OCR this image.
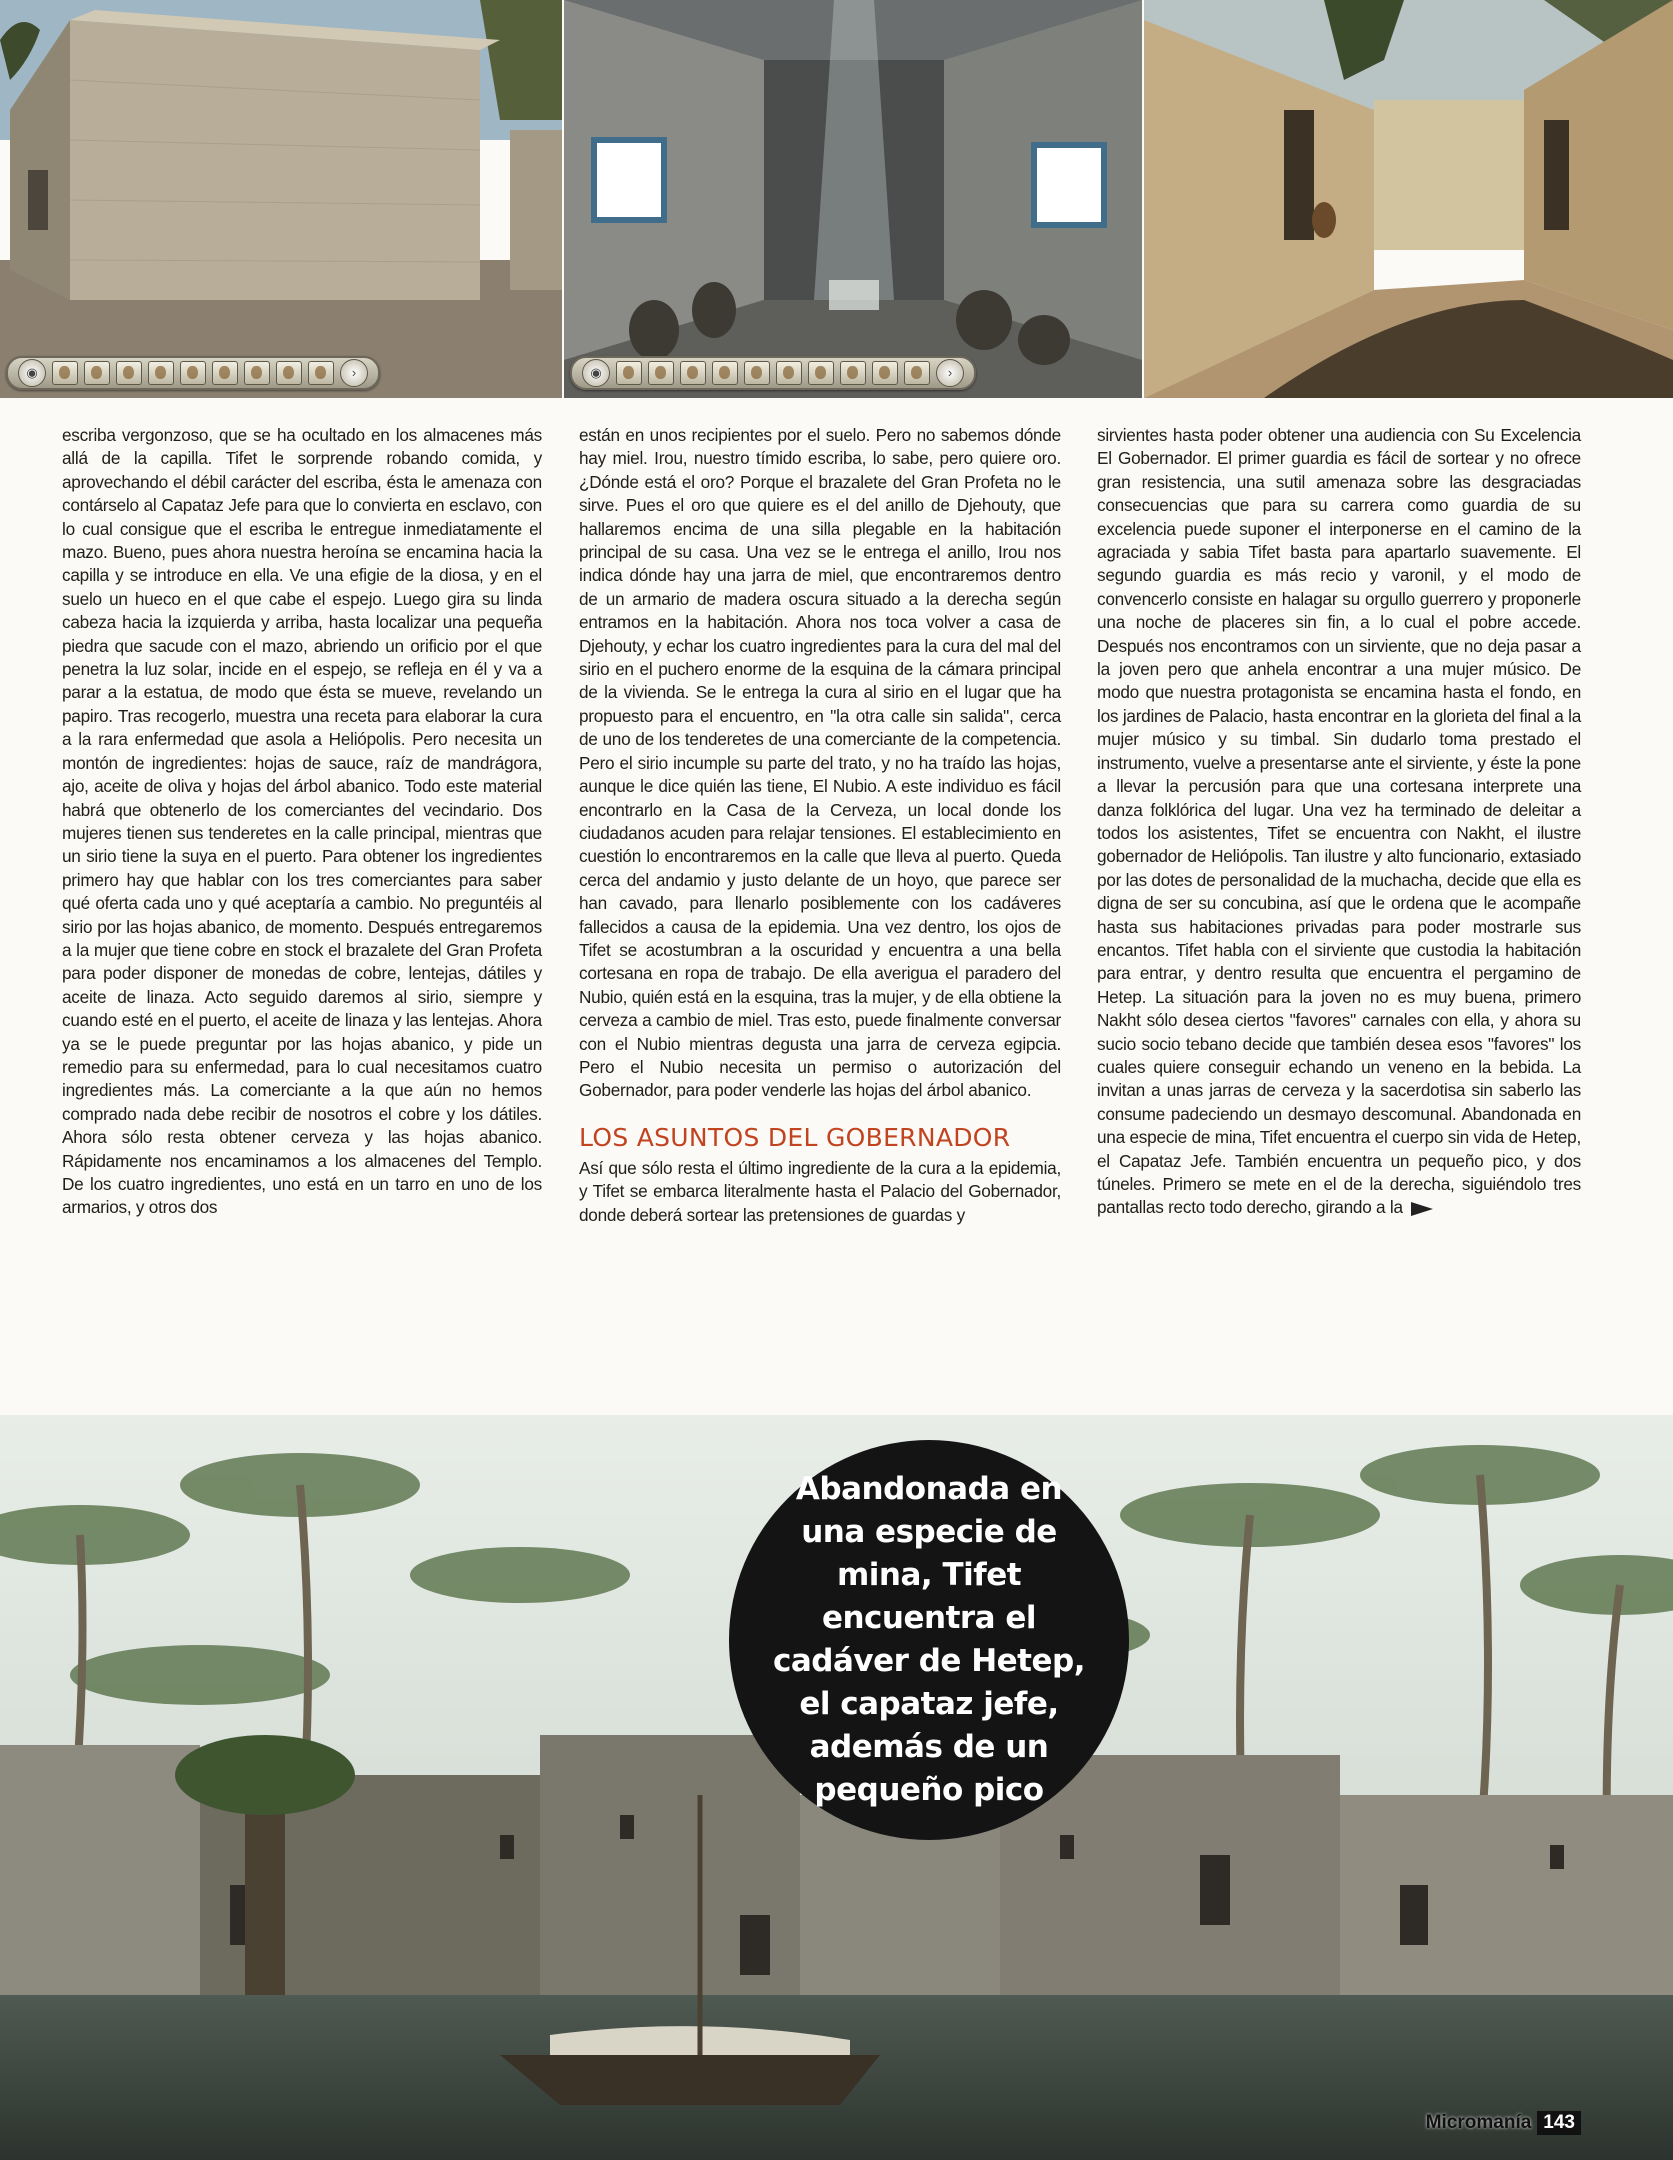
◉	›	◉	›

escriba vergonzoso, que se ha ocultado en los almacenes más allá de la capilla. Tifet le sorprende robando comida, y aprovechando el débil carácter del escriba, ésta le amenaza con contárselo al Capataz Jefe para que lo convierta en esclavo, con lo cual consigue que el escriba le entregue inmediatamente el mazo. Bueno, pues ahora nuestra heroína se encamina hacia la capilla y se introduce en ella. Ve una efigie de la diosa, y en el suelo un hueco en el que cabe el espejo. Luego gira su linda cabeza hacia la izquierda y arriba, hasta localizar una pequeña piedra que sacude con el mazo, abriendo un orificio por el que penetra la luz solar, incide en el espejo, se refleja en él y va a parar a la estatua, de modo que ésta se mueve, revelando un papiro. Tras recogerlo, muestra una receta para elaborar la cura a la rara enfermedad que asola a Heliópolis. Pero necesita un montón de ingredientes: hojas de sauce, raíz de mandrágora, ajo, aceite de oliva y hojas del árbol abanico. Todo este material habrá que obtenerlo de los comerciantes del vecindario. Dos mujeres tienen sus tenderetes en la calle principal, mientras que un sirio tiene la suya en el puerto. Para obtener los ingredientes primero hay que hablar con los tres comerciantes para saber qué oferta cada uno y qué aceptaría a cambio. No preguntéis al sirio por las hojas abanico, de momento. Después entregaremos a la mujer que tiene cobre en stock el brazalete del Gran Profeta para poder disponer de monedas de cobre, lentejas, dátiles y aceite de linaza. Acto seguido daremos al sirio, siempre y cuando esté en el puerto, el aceite de linaza y las lentejas. Ahora ya se le puede preguntar por las hojas abanico, y pide un remedio para su enfermedad, para lo cual necesitamos cuatro ingredientes más. La comerciante a la que aún no hemos comprado nada debe recibir de nosotros el cobre y los dátiles. Ahora sólo resta obtener cerveza y las hojas abanico. Rápidamente nos encaminamos a los almacenes del Templo. De los cuatro ingredientes, uno está en un tarro en uno de los armarios, y otros dos

están en unos recipientes por el suelo. Pero no sabemos dónde hay miel. Irou, nuestro tímido escriba, lo sabe, pero quiere oro. ¿Dónde está el oro? Porque el brazalete del Gran Profeta no le sirve. Pues el oro que quiere es el del anillo de Djehouty, que hallaremos encima de una silla plegable en la habitación principal de su casa. Una vez se le entrega el anillo, Irou nos indica dónde hay una jarra de miel, que encontraremos dentro de un armario de madera oscura situado a la derecha según entramos en la habitación. Ahora nos toca volver a casa de Djehouty, y echar los cuatro ingredientes para la cura del mal del sirio en el puchero enorme de la esquina de la cámara principal de la vivienda. Se le entrega la cura al sirio en el lugar que ha propuesto para el encuentro, en "la otra calle sin salida", cerca de uno de los tenderetes de una comerciante de la competencia. Pero el sirio incumple su parte del trato, y no ha traído las hojas, aunque le dice quién las tiene, El Nubio. A este individuo es fácil encontrarlo en la Casa de la Cerveza, un local donde los ciudadanos acuden para relajar tensiones. El establecimiento en cuestión lo encontraremos en la calle que lleva al puerto. Queda cerca del andamio y justo delante de un hoyo, que parece ser han cavado, para llenarlo posiblemente con los cadáveres fallecidos a causa de la epidemia. Una vez dentro, los ojos de Tifet se acostumbran a la oscuridad y encuentra a una bella cortesana en ropa de trabajo. De ella averigua el paradero del Nubio, quién está en la esquina, tras la mujer, y de ella obtiene la cerveza a cambio de miel. Tras esto, puede finalmente conversar con el Nubio mientras degusta una jarra de cerveza egipcia. Pero el Nubio necesita un permiso o autorización del Gobernador, para poder venderle las hojas del árbol abanico.

LOS ASUNTOS DEL GOBERNADOR

Así que sólo resta el último ingrediente de la cura a la epidemia, y Tifet se embarca literalmente hasta el Palacio del Gobernador, donde deberá sortear las pretensiones de guardas y

sirvientes hasta poder obtener una audiencia con Su Excelencia El Gobernador. El primer guardia es fácil de sortear y no ofrece gran resistencia, una sutil amenaza sobre las desgraciadas consecuencias que para su carrera como guardia de su excelencia puede suponer el interponerse en el camino de la agraciada y sabia Tifet basta para apartarlo suavemente. El segundo guardia es más recio y varonil, y el modo de convencerlo consiste en halagar su orgullo guerrero y proponerle una noche de placeres sin fin, a lo cual el pobre accede. Después nos encontramos con un sirviente, que no deja pasar a la joven pero que anhela encontrar a una mujer músico. De modo que nuestra protagonista se encamina hasta el fondo, en los jardines de Palacio, hasta encontrar en la glorieta del final a la mujer músico y su timbal. Sin dudarlo toma prestado el instrumento, vuelve a presentarse ante el sirviente, y éste la pone a llevar la percusión para que una cortesana interprete una danza folklórica del lugar. Una vez ha terminado de deleitar a todos los asistentes, Tifet se encuentra con Nakht, el ilustre gobernador de Heliópolis. Tan ilustre y alto funcionario, extasiado por las dotes de personalidad de la muchacha, decide que ella es digna de ser su concubina, así que le ordena que le acompañe hasta sus habitaciones privadas para poder mostrarle sus encantos. Tifet habla con el sirviente que custodia la habitación para entrar, y dentro resulta que encuentra el pergamino de Hetep. La situación para la joven no es muy buena, primero Nakht sólo desea ciertos "favores" carnales con ella, y ahora su sucio socio tebano decide que también desea esos "favores" los cuales quiere conseguir echando un veneno en la bebida. La invitan a unas jarras de cerveza y la sacerdotisa sin saberlo las consume padeciendo un desmayo descomunal. Abandonada en una especie de mina, Tifet encuentra el cuerpo sin vida de Hetep, el Capataz Jefe. También encuentra un pequeño pico, y dos túneles. Primero se mete en el de la derecha, siguiéndolo tres pantallas recto todo derecho, girando a la

Abandonada en una especie de mina, Tifet encuentra el cadáver de Hetep, el capataz jefe, además de un pequeño pico
Micromanía 143
